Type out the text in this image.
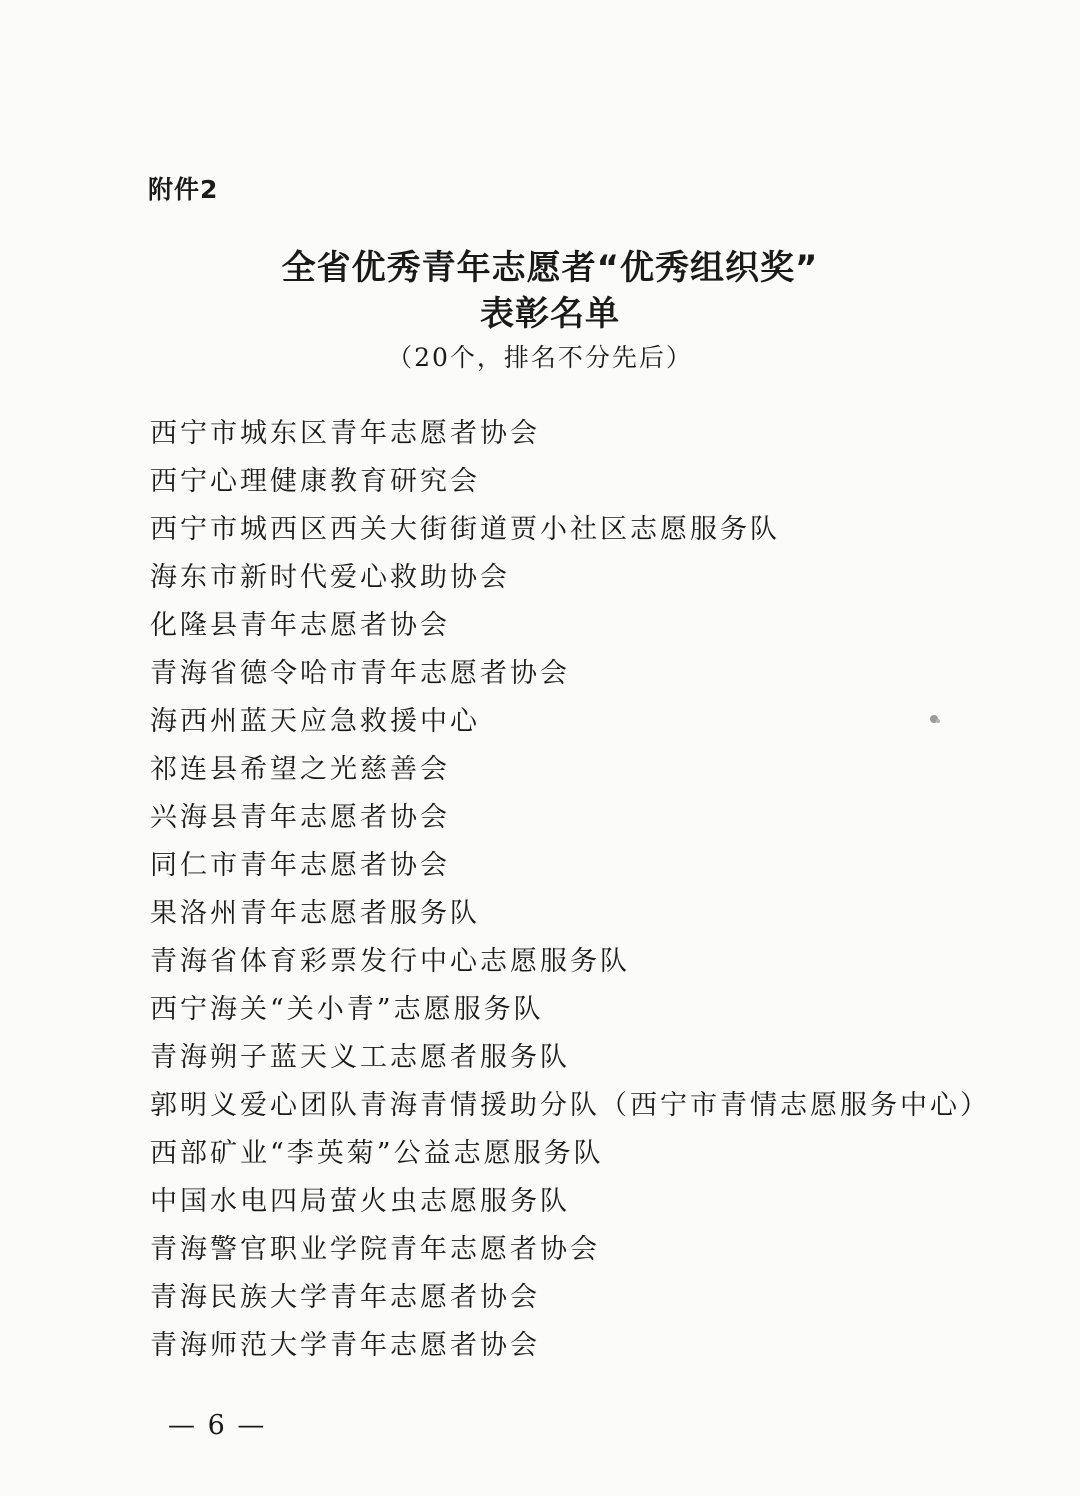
附件2
全省优秀青年志愿者“优秀组织奖”
表彰名单
（20个，排名不分先后）
西宁市城东区青年志愿者协会
西宁心理健康教育研究会
西宁市城西区西关大街街道贾小社区志愿服务队
海东市新时代爱心救助协会
化隆县青年志愿者协会
青海省德令哈市青年志愿者协会
海西州蓝天应急救援中心
祁连县希望之光慈善会
兴海县青年志愿者协会
同仁市青年志愿者协会
果洛州青年志愿者服务队
青海省体育彩票发行中心志愿服务队
西宁海关“关小青”志愿服务队
青海朔子蓝天义工志愿者服务队
郭明义爱心团队青海青情援助分队（西宁市青情志愿服务中心）
西部矿业“李英菊”公益志愿服务队
中国水电四局萤火虫志愿服务队
青海警官职业学院青年志愿者协会
青海民族大学青年志愿者协会
青海师范大学青年志愿者协会
— 6 —
